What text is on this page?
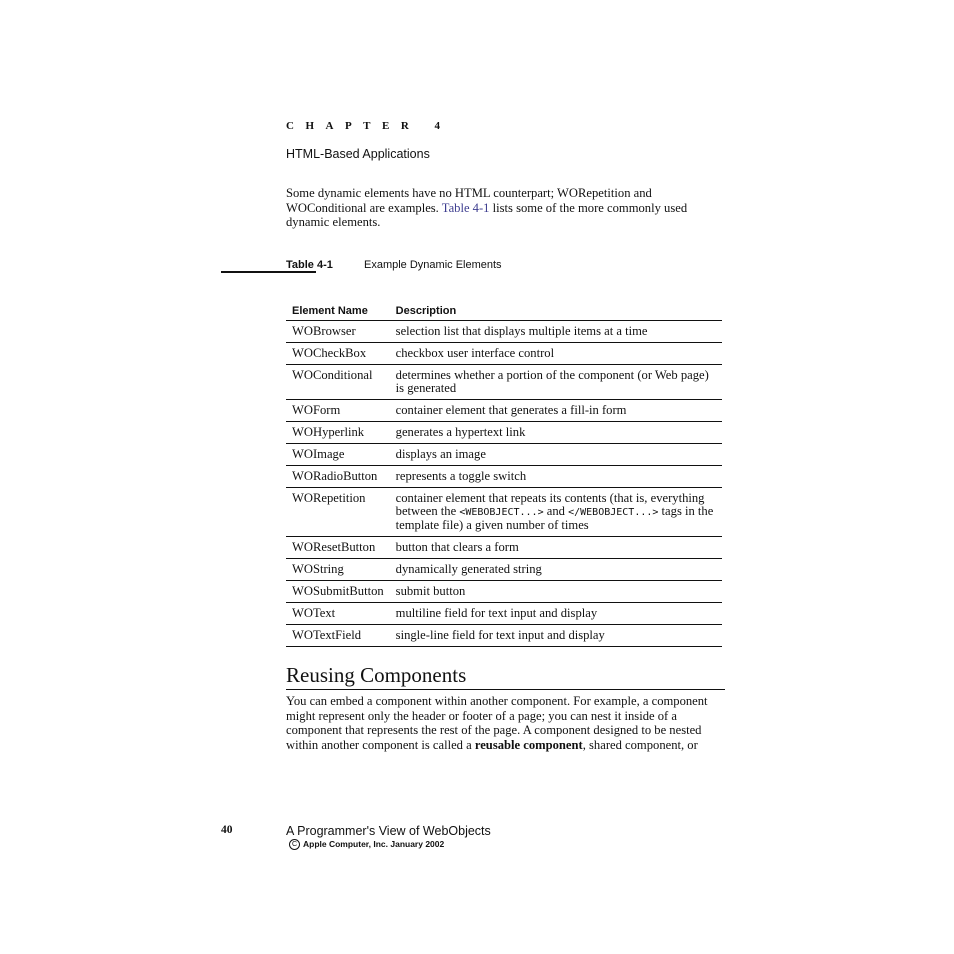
CHAPTER 4
HTML-Based Applications

Some dynamic elements have no HTML counterpart; WORepetition and WOConditional are examples. Table 4-1 lists some of the more commonly used dynamic elements.

Table 4-1	Example Dynamic Elements
Element Name	Description
WOBrowser	selection list that displays multiple items at a time
WOCheckBox	checkbox user interface control
WOConditional	determines whether a portion of the component (or Web page) is generated
WOForm	container element that generates a fill-in form
WOHyperlink	generates a hypertext link
WOImage	displays an image
WORadioButton	represents a toggle switch
WORepetition	container element that repeats its contents (that is, everything between the <WEBOBJECT...> and </WEBOBJECT...> tags in the template file) a given number of times
WOResetButton	button that clears a form
WOString	dynamically generated string
WOSubmitButton	submit button
WOText	multiline field for text input and display
WOTextField	single-line field for text input and display
Reusing Components

You can embed a component within another component. For example, a component might represent only the header or footer of a page; you can nest it inside of a component that represents the rest of the page. A component designed to be nested within another component is called a reusable component, shared component, or

40	A Programmer's View of WebObjects
C Apple Computer, Inc. January 2002
